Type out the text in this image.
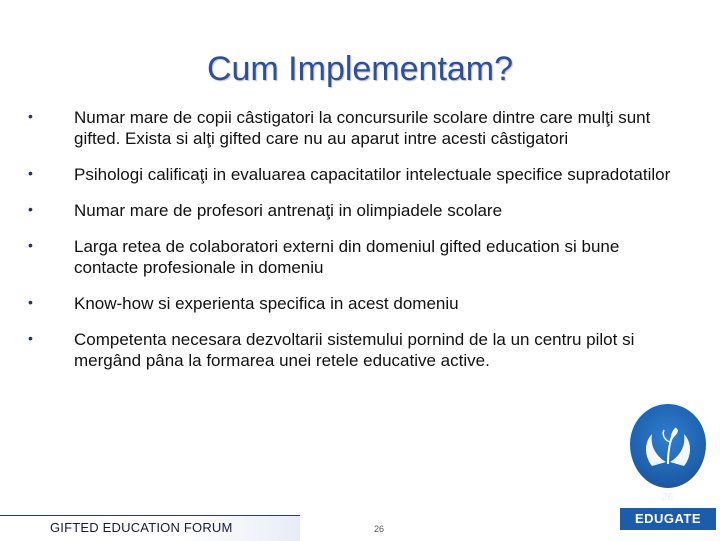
Cum Implementam?
• Numar mare de copii câstigatori la concursurile scolare dintre care mulţi sunt gifted. Exista si alţi gifted care nu au aparut intre acesti câstigatori
• Psihologi calificaţi in evaluarea capacitatilor intelectuale specifice supradotatilor
• Numar mare de profesori antrenaţi in olimpiadele scolare
• Larga retea de colaboratori externi din domeniul gifted education si bune contacte profesionale in domeniu
• Know-how si experienta specifica in acest domeniu
• Competenta necesara dezvoltarii sistemului pornind de la un centru pilot si mergând pâna la formarea unei retele educative active.
GIFTED EDUCATION FORUM	26
26
EDUGATE
